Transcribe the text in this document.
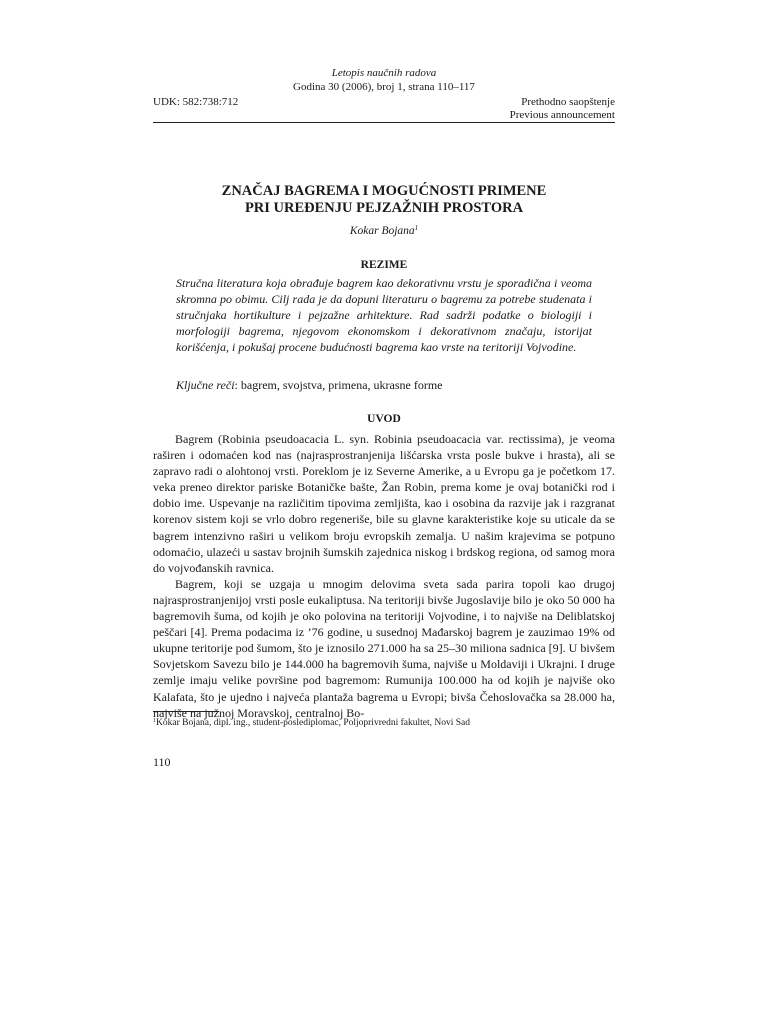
Letopis naučnih radova
Godina 30 (2006), broj 1, strana 110–117
UDK: 582:738:712	Prethodno saopštenje
Previous announcement
ZNAČAJ BAGREMA I MOGUĆNOSTI PRIMENE
PRI UREĐENJU PEJZAŽNIH PROSTORA
Kokar Bojana$^1$
REZIME
Stručna literatura koja obrađuje bagrem kao dekorativnu vrstu je sporadična i veoma skromna po obimu. Cilj rada je da dopuni literaturu o bagremu za potrebe studenata i stručnjaka hortikulture i pejzažne arhitekture. Rad sadrži podatke o biologiji i morfologiji bagrema, njegovom ekonomskom i dekorativnom značaju, istorijat korišćenja, i pokušaj procene budućnosti bagrema kao vrste na teritoriji Vojvodine.
Ključne reči: bagrem, svojstva, primena, ukrasne forme
UVOD

Bagrem (Robinia pseudoacacia L. syn. Robinia pseudoacacia var. rectissima), je veoma raširen i odomaćen kod nas (najrasprostranjenija lišćarska vrsta posle bukve i hrasta), ali se zapravo radi o alohtonoj vrsti. Poreklom je iz Severne Amerike, a u Evropu ga je početkom 17. veka preneo direktor pariske Botaničke bašte, Žan Robin, prema kome je ovaj botanički rod i dobio ime. Uspevanje na različitim tipovima zemljišta, kao i osobina da razvije jak i razgranat korenov sistem koji se vrlo dobro regeneriše, bile su glavne karakteristike koje su uticale da se bagrem intenzivno raširi u velikom broju evropskih zemalja. U našim krajevima se potpuno odomaćio, ulazeći u sastav brojnih šumskih zajednica niskog i brdskog regiona, od samog mora do vojvođanskih ravnica.

Bagrem, koji se uzgaja u mnogim delovima sveta sada parira topoli kao drugoj najrasprostranjenijoj vrsti posle eukaliptusa. Na teritoriji bivše Jugoslavije bilo je oko 50 000 ha bagremovih šuma, od kojih je oko polovina na teritoriji Vojvodine, i to najviše na Deliblatskoj peščari [4]. Prema podacima iz ’76 godine, u susednoj Mađarskoj bagrem je zauzimao 19% od ukupne teritorije pod šumom, što je iznosilo 271.000 ha sa 25–30 miliona sadnica [9]. U bivšem Sovjetskom Savezu bilo je 144.000 ha bagremovih šuma, najviše u Moldaviji i Ukrajni. I druge zemlje imaju velike površine pod bagremom: Rumunija 100.000 ha od kojih je najviše oko Kalafata, što je ujedno i najveća plantaža bagrema u Evropi; bivša Čehoslovačka sa 28.000 ha, najviše na južnoj Moravskoj, centralnoj Bo-

$^1$Kokar Bojana, dipl. ing., student-poslediplomac, Poljoprivredni fakultet, Novi Sad
110
